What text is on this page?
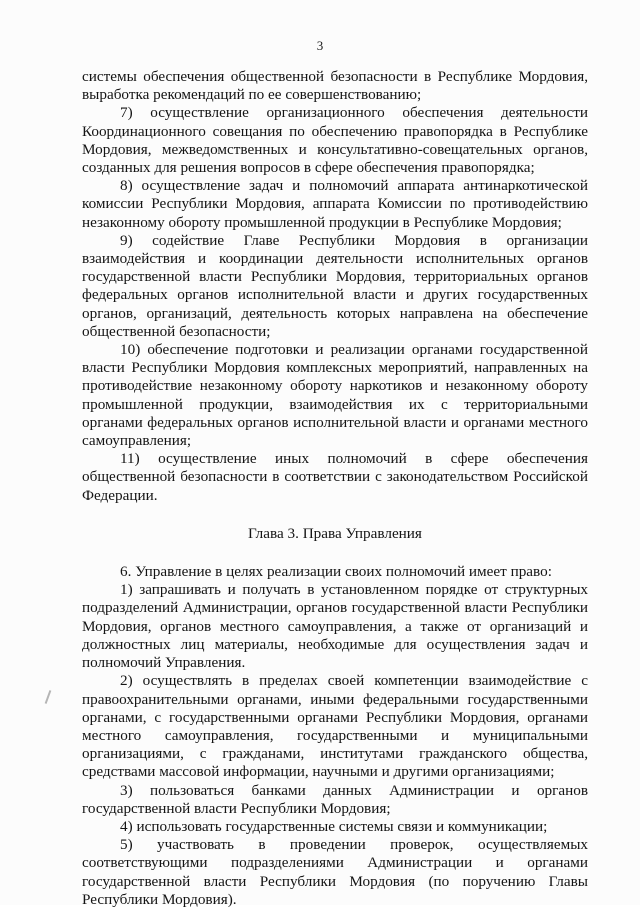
3

системы обеспечения общественной безопасности в Республике Мордовия, выработка рекомендаций по ее совершенствованию;

7) осуществление организационного обеспечения деятельности Координационного совещания по обеспечению правопорядка в Республике Мордовия, межведомственных и консультативно-совещательных органов, созданных для решения вопросов в сфере обеспечения правопорядка;

8) осуществление задач и полномочий аппарата антинаркотической комиссии Республики Мордовия, аппарата Комиссии по противодействию незаконному обороту промышленной продукции в Республике Мордовия;

9) содействие Главе Республики Мордовия в организации взаимодействия и координации деятельности исполнительных органов государственной власти Республики Мордовия, территориальных органов федеральных органов исполнительной власти и других государственных органов, организаций, деятельность которых направлена на обеспечение общественной безопасности;

10) обеспечение подготовки и реализации органами государственной власти Республики Мордовия комплексных мероприятий, направленных на противодействие незаконному обороту наркотиков и незаконному обороту промышленной продукции, взаимодействия их с территориальными органами федеральных органов исполнительной власти и органами местного самоуправления;

11) осуществление иных полномочий в сфере обеспечения общественной безопасности в соответствии с законодательством Российской Федерации.

Глава 3. Права Управления

6. Управление в целях реализации своих полномочий имеет право:

1) запрашивать и получать в установленном порядке от структурных подразделений Администрации, органов государственной власти Республики Мордовия, органов местного самоуправления, а также от организаций и должностных лиц материалы, необходимые для осуществления задач и полномочий Управления.

2) осуществлять в пределах своей компетенции взаимодействие с правоохранительными органами, иными федеральными государственными органами, с государственными органами Республики Мордовия, органами местного самоуправления, государственными и муниципальными организациями, с гражданами, институтами гражданского общества, средствами массовой информации, научными и другими организациями;

3) пользоваться банками данных Администрации и органов государственной власти Республики Мордовия;

4) использовать государственные системы связи и коммуникации;

5) участвовать в проведении проверок, осуществляемых соответствующими подразделениями Администрации и органами государственной власти Республики Мордовия (по поручению Главы Республики Мордовия).
